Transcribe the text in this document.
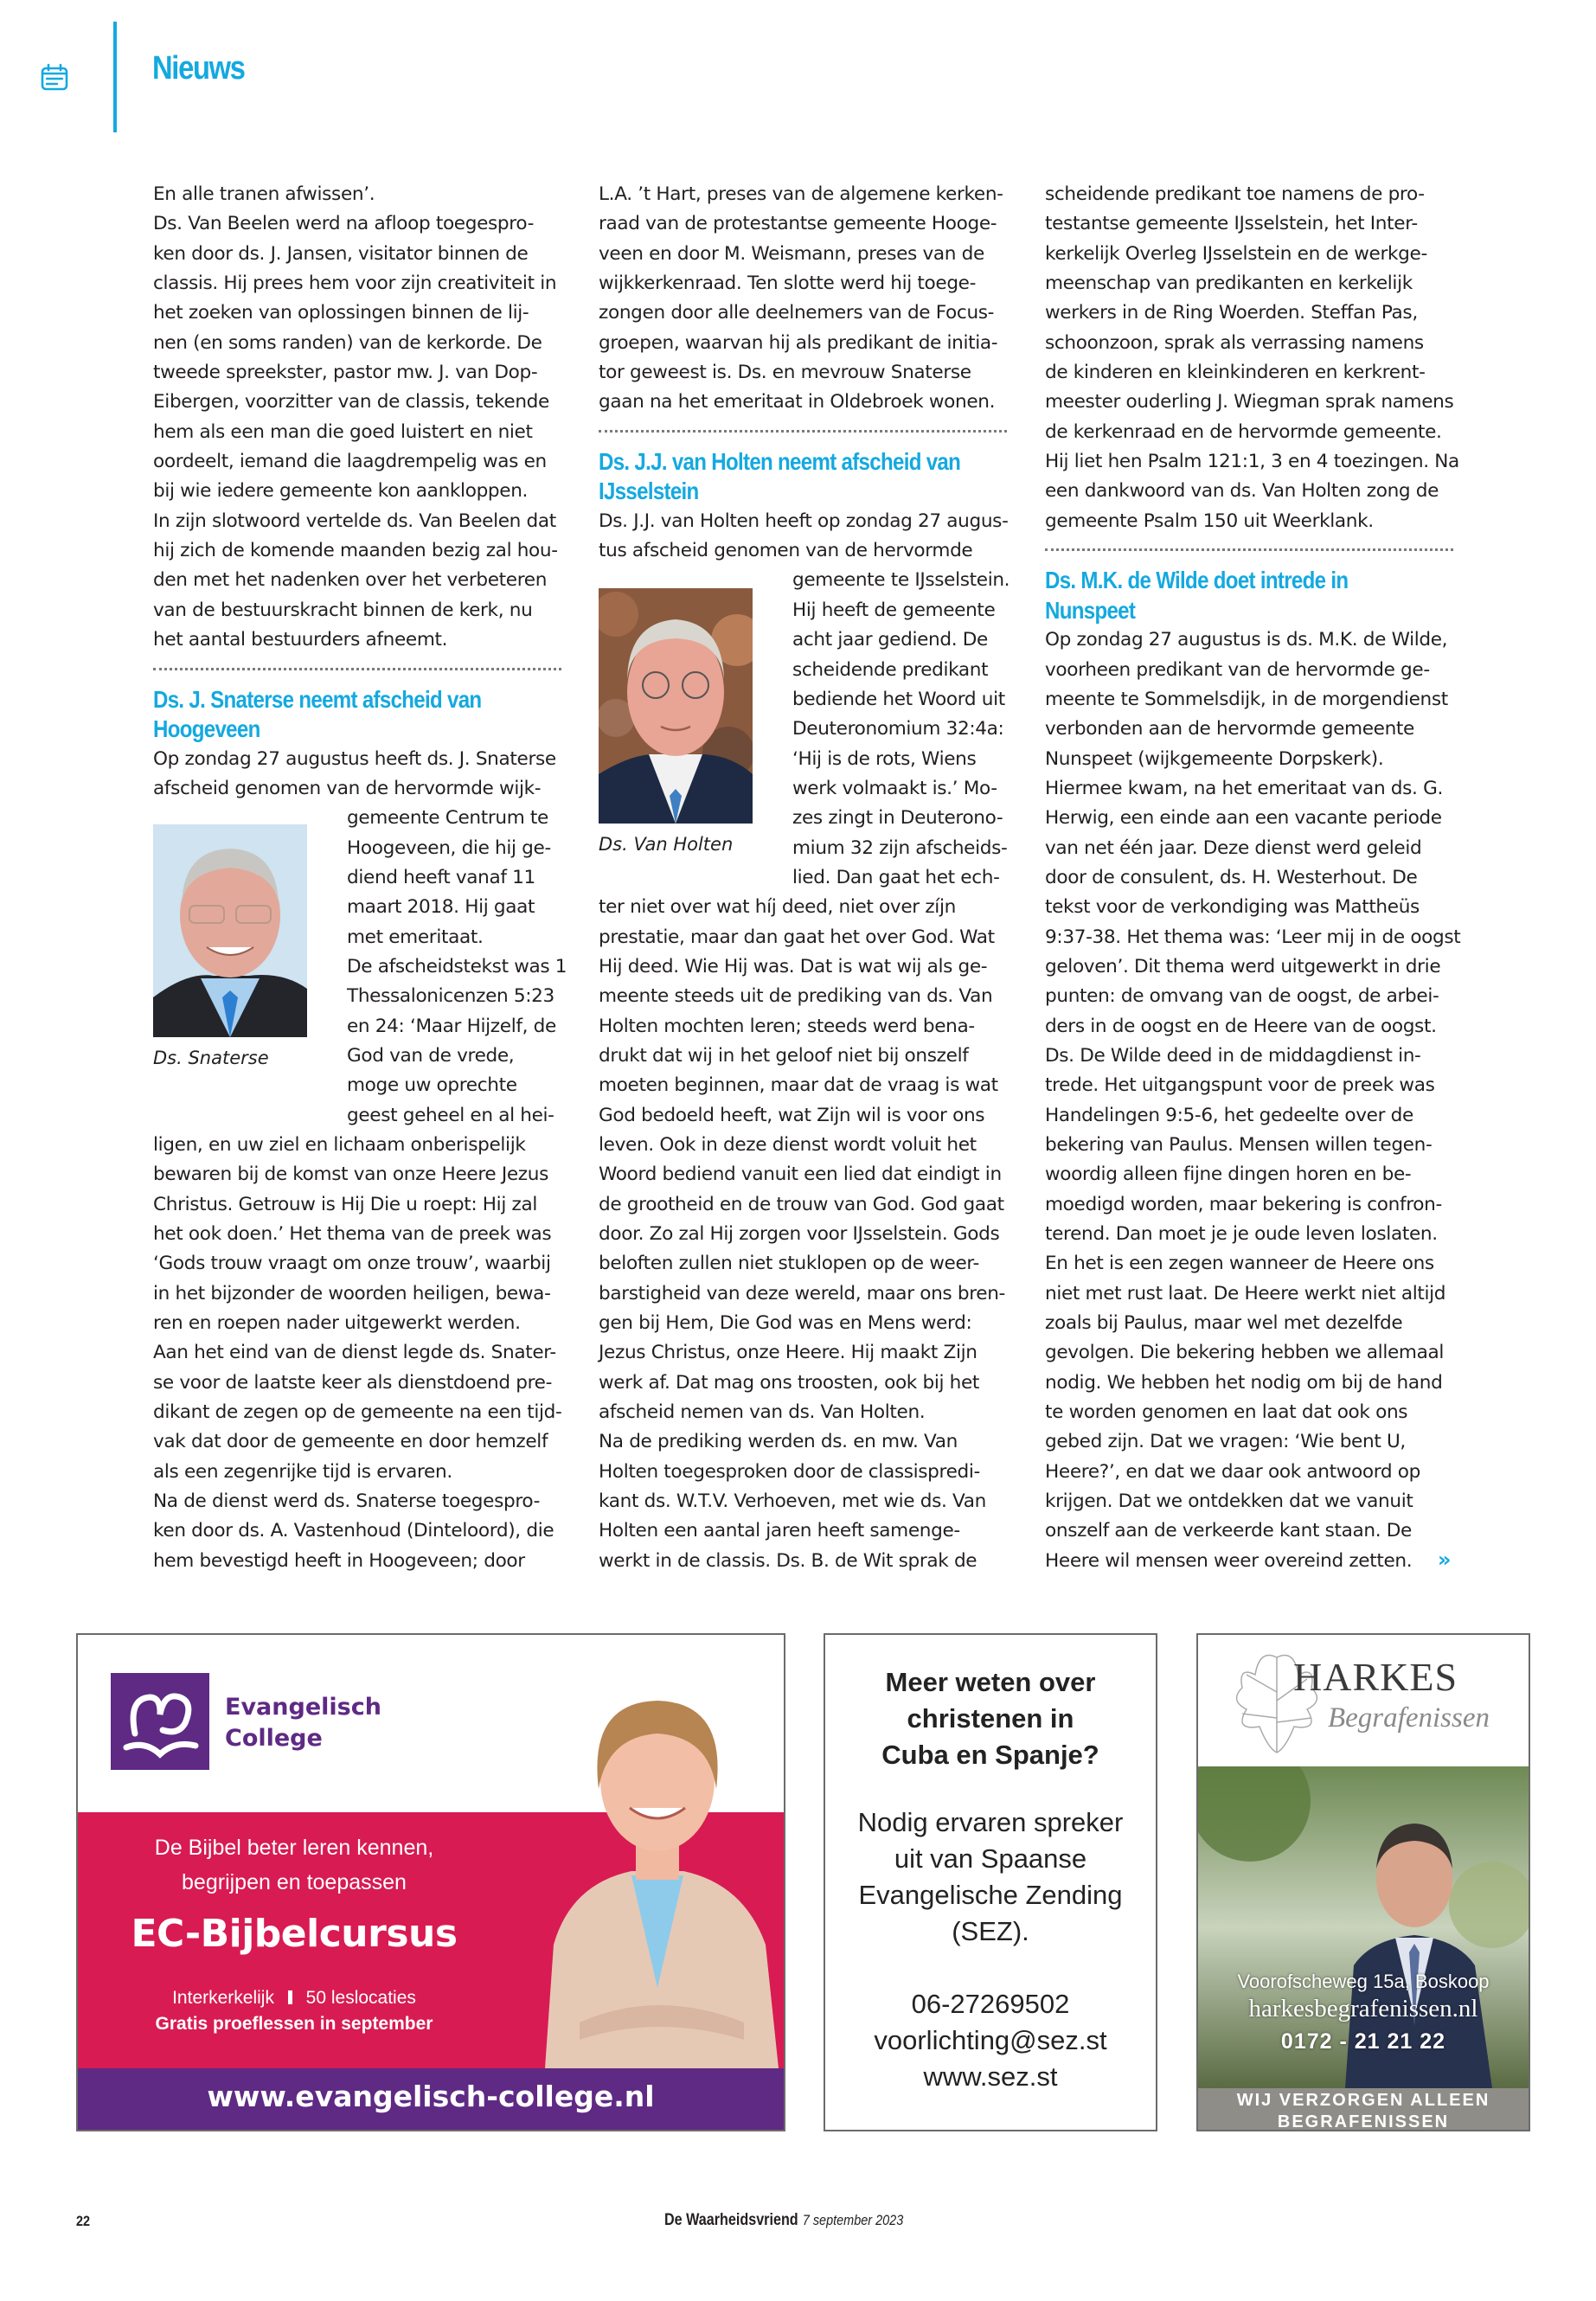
Nieuws
En alle tranen afwissen’.
Ds. Van Beelen werd na afloop toegespro-
ken door ds. J. Jansen, visitator binnen de
classis. Hij prees hem voor zijn creativiteit in
het zoeken van oplossingen binnen de lij-
nen (en soms randen) van de kerkorde. De
tweede spreekster, pastor mw. J. van Dop-
Eibergen, voorzitter van de classis, tekende
hem als een man die goed luistert en niet
oordeelt, iemand die laagdrempelig was en
bij wie iedere gemeente kon aankloppen.
In zijn slotwoord vertelde ds. Van Beelen dat
hij zich de komende maanden bezig zal hou-
den met het nadenken over het verbeteren
van de bestuurskracht binnen de kerk, nu
het aantal bestuurders afneemt.
Ds. J. Snaterse neemt afscheid van
Hoogeveen
Op zondag 27 augustus heeft ds. J. Snaterse
afscheid genomen van de hervormde wijk-
gemeente Centrum te
Hoogeveen, die hij ge-
diend heeft vanaf 11
maart 2018. Hij gaat
met emeritaat.
De afscheidstekst was 1
Thessalonicenzen 5:23
en 24: ‘Maar Hijzelf, de
God van de vrede,
moge uw oprechte
geest geheel en al hei-
ligen, en uw ziel en lichaam onberispelijk
bewaren bij de komst van onze Heere Jezus
Christus. Getrouw is Hij Die u roept: Hij zal
het ook doen.’ Het thema van de preek was
‘Gods trouw vraagt om onze trouw’, waarbij
in het bijzonder de woorden heiligen, bewa-
ren en roepen nader uitgewerkt werden.
Aan het eind van de dienst legde ds. Snater-
se voor de laatste keer als dienstdoend pre-
dikant de zegen op de gemeente na een tijd-
vak dat door de gemeente en door hemzelf
als een zegenrijke tijd is ervaren.
Na de dienst werd ds. Snaterse toegespro-
ken door ds. A. Vastenhoud (Dinteloord), die
hem bevestigd heeft in Hoogeveen; door
L.A. ’t Hart, preses van de algemene kerken-
raad van de protestantse gemeente Hooge-
veen en door M. Weismann, preses van de
wijkkerkenraad. Ten slotte werd hij toege-
zongen door alle deelnemers van de Focus-
groepen, waarvan hij als predikant de initia-
tor geweest is. Ds. en mevrouw Snaterse
gaan na het emeritaat in Oldebroek wonen.
Ds. J.J. van Holten neemt afscheid van
IJsselstein
Ds. J.J. van Holten heeft op zondag 27 augus-
tus afscheid genomen van de hervormde
gemeente te IJsselstein.
Hij heeft de gemeente
acht jaar gediend. De
scheidende predikant
bediende het Woord uit
Deuteronomium 32:4a:
‘Hij is de rots, Wiens
werk volmaakt is.’ Mo-
zes zingt in Deuterono-
mium 32 zijn afscheids-
lied. Dan gaat het ech-
ter niet over wat híj deed, niet over zíjn
prestatie, maar dan gaat het over God. Wat
Hij deed. Wie Hij was. Dat is wat wij als ge-
meente steeds uit de prediking van ds. Van
Holten mochten leren; steeds werd bena-
drukt dat wij in het geloof niet bij onszelf
moeten beginnen, maar dat de vraag is wat
God bedoeld heeft, wat Zijn wil is voor ons
leven. Ook in deze dienst wordt voluit het
Woord bediend vanuit een lied dat eindigt in
de grootheid en de trouw van God. God gaat
door. Zo zal Hij zorgen voor IJsselstein. Gods
beloften zullen niet stuklopen op de weer-
barstigheid van deze wereld, maar ons bren-
gen bij Hem, Die God was en Mens werd:
Jezus Christus, onze Heere. Hij maakt Zijn
werk af. Dat mag ons troosten, ook bij het
afscheid nemen van ds. Van Holten.
Na de prediking werden ds. en mw. Van
Holten toegesproken door de classispredi-
kant ds. W.T.V. Verhoeven, met wie ds. Van
Holten een aantal jaren heeft samenge-
werkt in de classis. Ds. B. de Wit sprak de
scheidende predikant toe namens de pro-
testantse gemeente IJsselstein, het Inter-
kerkelijk Overleg IJsselstein en de werkge-
meenschap van predikanten en kerkelijk
werkers in de Ring Woerden. Steffan Pas,
schoonzoon, sprak als verrassing namens
de kinderen en kleinkinderen en kerkrent-
meester ouderling J. Wiegman sprak namens
de kerkenraad en de hervormde gemeente.
Hij liet hen Psalm 121:1, 3 en 4 toezingen. Na
een dankwoord van ds. Van Holten zong de
gemeente Psalm 150 uit Weerklank.
Ds. M.K. de Wilde doet intrede in
Nunspeet
Op zondag 27 augustus is ds. M.K. de Wilde,
voorheen predikant van de hervormde ge-
meente te Sommelsdijk, in de morgendienst
verbonden aan de hervormde gemeente
Nunspeet (wijkgemeente Dorpskerk).
Hiermee kwam, na het emeritaat van ds. G.
Herwig, een einde aan een vacante periode
van net één jaar. Deze dienst werd geleid
door de consulent, ds. H. Westerhout. De
tekst voor de verkondiging was Mattheüs
9:37-38. Het thema was: ‘Leer mij in de oogst
geloven’. Dit thema werd uitgewerkt in drie
punten: de omvang van de oogst, de arbei-
ders in de oogst en de Heere van de oogst.
Ds. De Wilde deed in de middagdienst in-
trede. Het uitgangspunt voor de preek was
Handelingen 9:5-6, het gedeelte over de
bekering van Paulus. Mensen willen tegen-
woordig alleen fijne dingen horen en be-
moedigd worden, maar bekering is confron-
terend. Dan moet je je oude leven loslaten.
En het is een zegen wanneer de Heere ons
niet met rust laat. De Heere werkt niet altijd
zoals bij Paulus, maar wel met dezelfde
gevolgen. Die bekering hebben we allemaal
nodig. We hebben het nodig om bij de hand
te worden genomen en laat dat ook ons
gebed zijn. Dat we vragen: ‘Wie bent U,
Heere?’, en dat we daar ook antwoord op
krijgen. Dat we ontdekken dat we vanuit
onszelf aan de verkeerde kant staan. De
Heere wil mensen weer overeind zetten.
Ds. Snaterse
Ds. Van Holten
»
Evangelisch College
De Bijbel beter leren kennen,
begrijpen en toepassen
EC-Bijbelcursus
Interkerkelijk 50 leslocaties
Gratis proeflessen in september
www.evangelisch-college.nl
Meer weten over
christenen in
Cuba en Spanje?
Nodig ervaren spreker
uit van Spaanse
Evangelische Zending
(SEZ).
06-27269502
voorlichting@sez.st
www.sez.st
HARKES
Begrafenissen
Voorofscheweg 15a, Boskoop
harkesbegrafenissen.nl
0172 - 21 21 22
WIJ VERZORGEN ALLEEN
BEGRAFENISSEN
22	De Waarheidsvriend 7 september 2023
